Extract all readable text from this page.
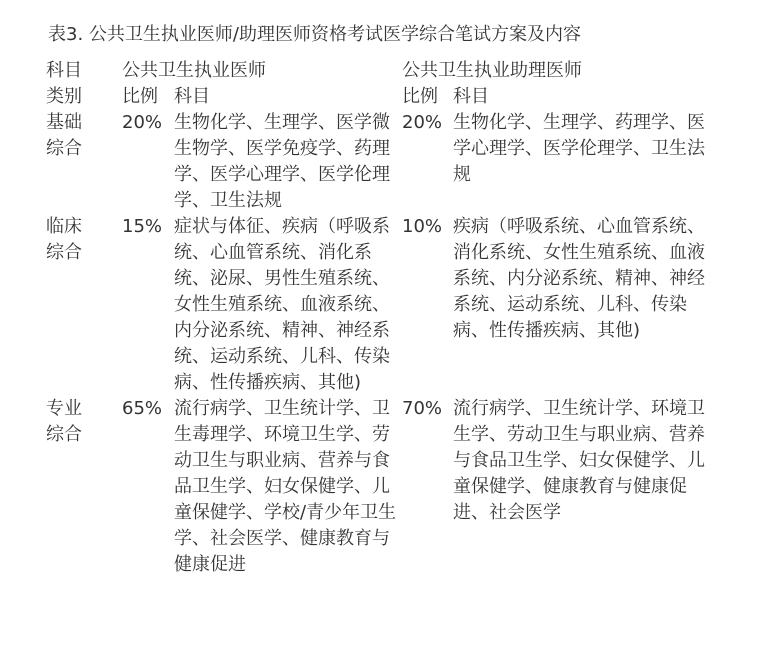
表3. 公共卫生执业医师/助理医师资格考试医学综合笔试方案及内容
科目	公共卫生执业医师		公共卫生执业助理医师	
类别	比例	科目	比例	科目

基础
综合	20%	生物化学、生理学、医学微生物学、医学免疫学、药理学、医学心理学、医学伦理学、卫生法规	20%	生物化学、生理学、药理学、医学心理学、医学伦理学、卫生法规

临床
综合	15%	症状与体征、疾病（呼吸系统、心血管系统、消化系统、泌尿、男性生殖系统、女性生殖系统、血液系统、内分泌系统、精神、神经系统、运动系统、儿科、传染病、性传播疾病、其他)	10%	疾病（呼吸系统、心血管系统、消化系统、女性生殖系统、血液系统、内分泌系统、精神、神经系统、运动系统、儿科、传染病、性传播疾病、其他)

专业
综合	65%	流行病学、卫生统计学、卫生毒理学、环境卫生学、劳动卫生与职业病、营养与食品卫生学、妇女保健学、儿童保健学、学校/青少年卫生学、社会医学、健康教育与健康促进	70%	流行病学、卫生统计学、环境卫生学、劳动卫生与职业病、营养与食品卫生学、妇女保健学、儿童保健学、健康教育与健康促进、社会医学
